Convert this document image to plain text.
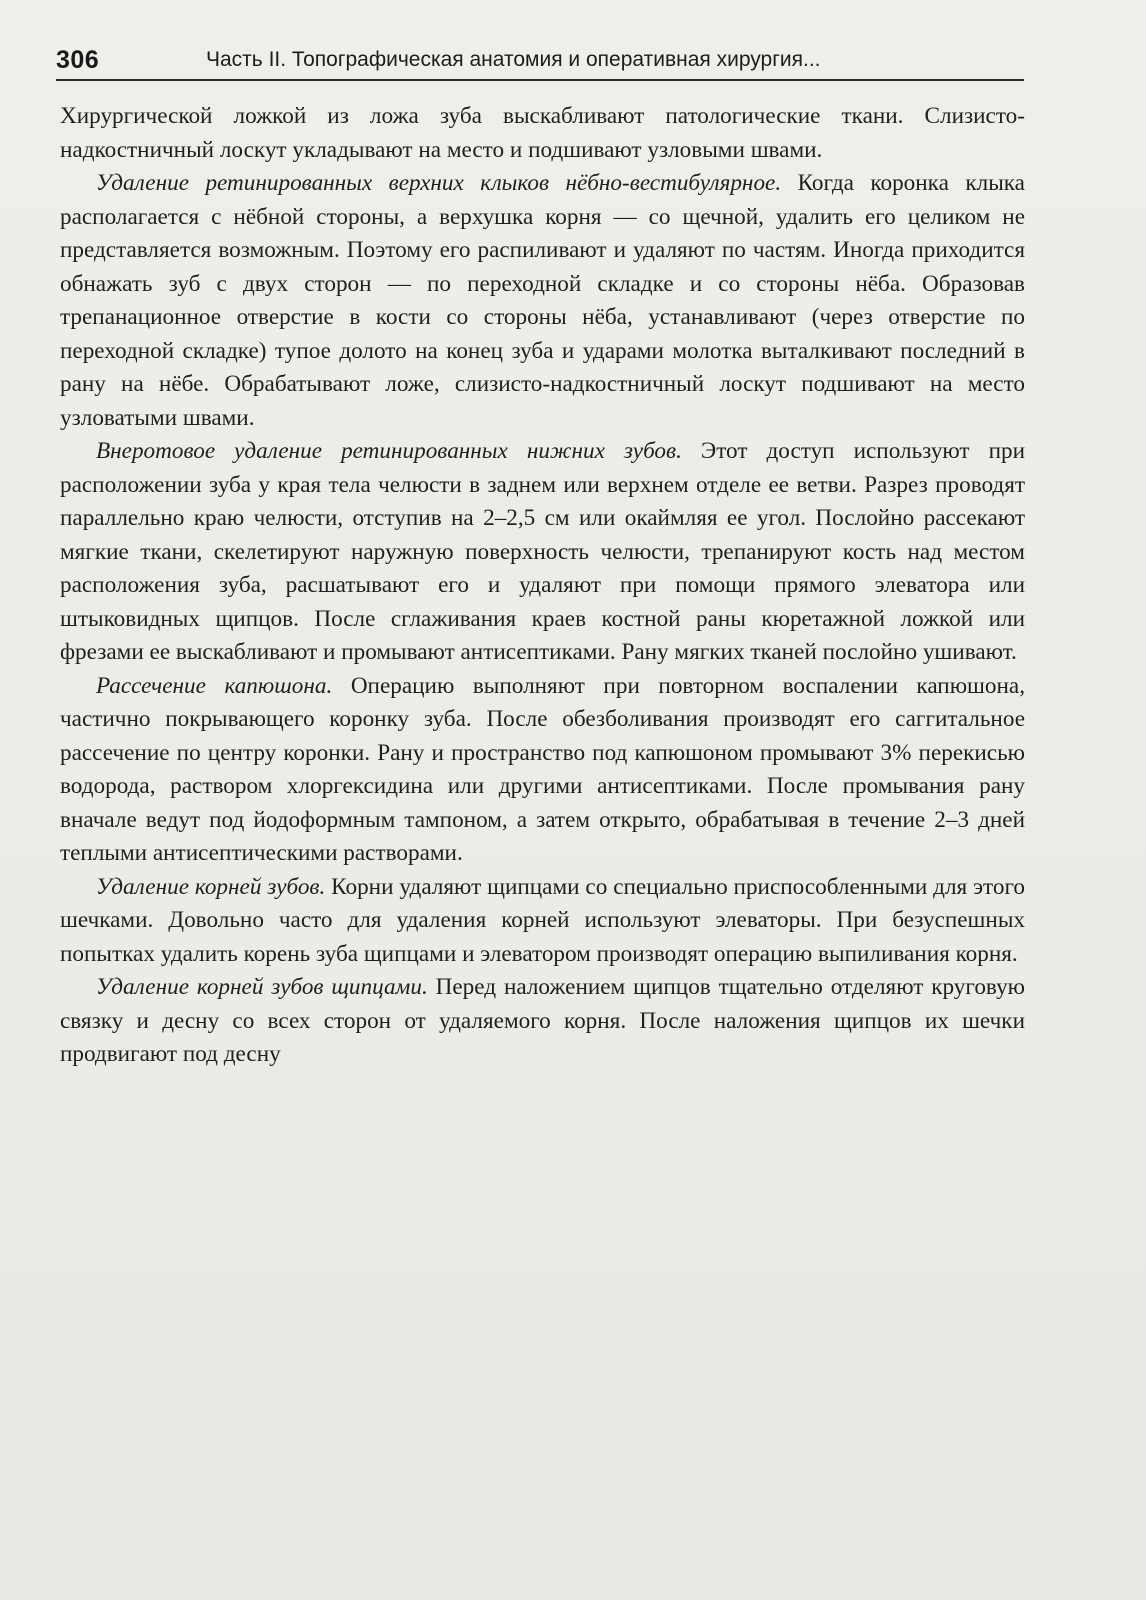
306	Часть II. Топографическая анатомия и оперативная хирургия...

Хирургической ложкой из ложа зуба выскабливают патологические ткани. Слизисто-надкостничный лоскут укладывают на место и подшивают узловыми швами.

Удаление ретинированных верхних клыков нёбно-вестибулярное. Когда коронка клыка располагается с нёбной стороны, а верхушка корня — со щечной, удалить его целиком не представляется возможным. Поэтому его распиливают и удаляют по частям. Иногда приходится обнажать зуб с двух сторон — по переходной складке и со стороны нёба. Образовав трепанационное отверстие в кости со стороны нёба, устанавливают (через отверстие по переходной складке) тупое долото на конец зуба и ударами молотка выталкивают последний в рану на нёбе. Обрабатывают ложе, слизисто-надкостничный лоскут подшивают на место узловатыми швами.

Внеротовое удаление ретинированных нижних зубов. Этот доступ используют при расположении зуба у края тела челюсти в заднем или верхнем отделе ее ветви. Разрез проводят параллельно краю челюсти, отступив на 2–2,5 см или окаймляя ее угол. Послойно рассекают мягкие ткани, скелетируют наружную поверхность челюсти, трепанируют кость над местом расположения зуба, расшатывают его и удаляют при помощи прямого элеватора или штыковидных щипцов. После сглаживания краев костной раны кюретажной ложкой или фрезами ее выскабливают и промывают антисептиками. Рану мягких тканей послойно ушивают.

Рассечение капюшона. Операцию выполняют при повторном воспалении капюшона, частично покрывающего коронку зуба. После обезболивания производят его саггитальное рассечение по центру коронки. Рану и пространство под капюшоном промывают 3% перекисью водорода, раствором хлоргексидина или другими антисептиками. После промывания рану вначале ведут под йодоформным тампоном, а затем открыто, обрабатывая в течение 2–3 дней теплыми антисептическими растворами.

Удаление корней зубов. Корни удаляют щипцами со специально приспособленными для этого шечками. Довольно часто для удаления корней используют элеваторы. При безуспешных попытках удалить корень зуба щипцами и элеватором производят операцию выпиливания корня.

Удаление корней зубов щипцами. Перед наложением щипцов тщательно отделяют круговую связку и десну со всех сторон от удаляемого корня. После наложения щипцов их шечки продвигают под десну
